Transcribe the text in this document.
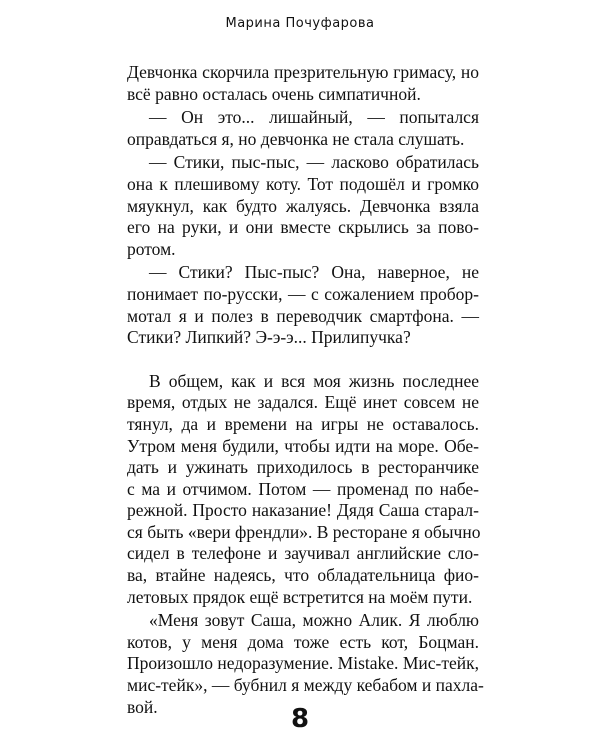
Марина Почуфарова
Девчонка скорчила презрительную гримасу, но
всё равно осталась очень симпатичной.
— Он это... лишайный, — попытался
оправдаться я, но девчонка не стала слушать.
— Стики, пыс-пыс, — ласково обратилась
она к плешивому коту. Тот подошёл и громко
мяукнул, как будто жалуясь. Девчонка взяла
его на руки, и они вместе скрылись за пово-
ротом.
— Стики? Пыс-пыс? Она, наверное, не
понимает по-русски, — с сожалением пробор-
мотал я и полез в переводчик смартфона. —
Стики? Липкий? Э-э-э... Прилипучка?
В общем, как и вся моя жизнь последнее
время, отдых не задался. Ещё инет совсем не
тянул, да и времени на игры не оставалось.
Утром меня будили, чтобы идти на море. Обе-
дать и ужинать приходилось в ресторанчике
с ма и отчимом. Потом — променад по набе-
режной. Просто наказание! Дядя Саша старал-
ся быть «вери френдли». В ресторане я обычно
сидел в телефоне и заучивал английские сло-
ва, втайне надеясь, что обладательница фио-
летовых прядок ещё встретится на моём пути.
«Меня зовут Саша, можно Алик. Я люблю
котов, у меня дома тоже есть кот, Боцман.
Произошло недоразумение. Mistake. Мис-тейк,
мис-тейк», — бубнил я между кебабом и пахла-
вой.	8
